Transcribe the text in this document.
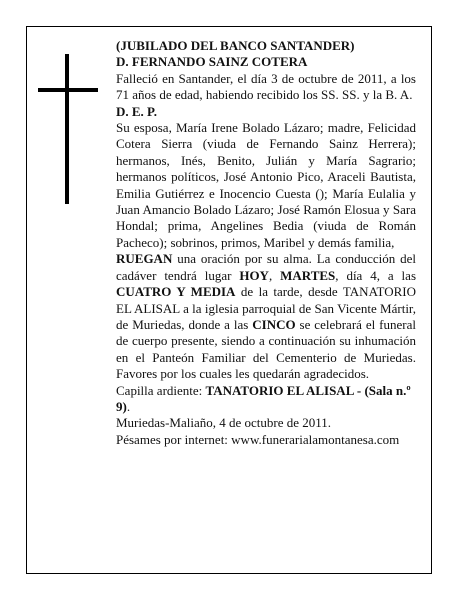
(JUBILADO DEL BANCO SANTANDER)

D. FERNANDO SAINZ COTERA

Falleció en Santander, el día 3 de octubre de 2011, a los 71 años de edad, habiendo recibido los SS. SS. y la B. A.

D. E. P.

Su esposa, María Irene Bolado Lázaro; madre, Felicidad Cotera Sierra (viuda de Fernando Sainz Herrera); hermanos, Inés, Benito, Julián y María Sagrario; hermanos políticos, José Antonio Pico, Araceli Bautista, Emilia Gutiérrez e Inocencio Cuesta (); María Eulalia y Juan Amancio Bolado Lázaro; José Ramón Elosua y Sara Hondal; prima, Angelines Bedia (viuda de Román Pacheco); sobrinos, primos, Maribel y demás familia,

RUEGAN una oración por su alma. La conducción del cadáver tendrá lugar HOY, MARTES, día 4, a las CUATRO Y MEDIA de la tarde, desde TANATORIO EL ALISAL a la iglesia parroquial de San Vicente Mártir, de Muriedas, donde a las CINCO se celebrará el funeral de cuerpo presente, siendo a continuación su inhumación en el Panteón Familiar del Cementerio de Muriedas. Favores por los cuales les quedarán agradecidos.

Capilla ardiente: TANATORIO EL ALISAL - (Sala n.º 9).

Muriedas-Maliaño, 4 de octubre de 2011.

Pésames por internet: www.funerarialamontanesa.com
